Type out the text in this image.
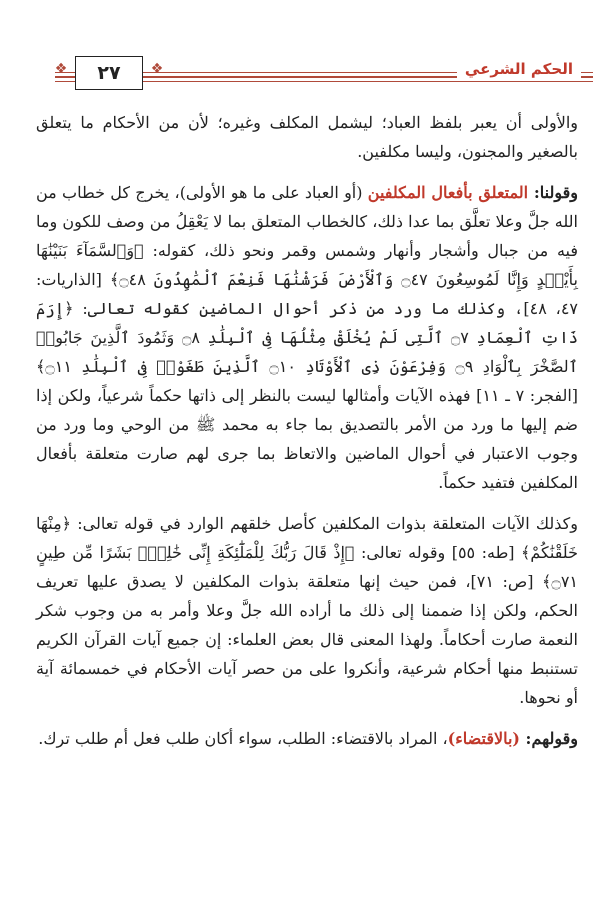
❖	❖
٢٧	الحكم الشرعي

والأولى أن يعبر بلفظ العباد؛ ليشمل المكلف وغيره؛ لأن من الأحكام ما يتعلق بالصغير والمجنون، وليسا مكلفين.

وقولنا: المتعلق بأفعال المكلفين (أو العباد على ما هو الأولى)، يخرج كل خطاب من الله جلَّ وعلا تعلَّق بما عدا ذلك، كالخطاب المتعلق بما لا يَعْقِلُ من وصف للكون وما فيه من جبال وأشجار وأنهار وشمس وقمر ونحو ذلك، كقوله: ﴿وَٱلسَّمَآءَ بَنَيْنَٰهَا بِأَيْي۟دٍ وَإِنَّا لَمُوسِعُونَ ۝٤٧ وَٱلْأَرْضَ فَرَشْنَٰهَا فَنِعْمَ ٱلْمَٰهِدُونَ ۝٤٨﴾ [الذاريات: ٤٧، ٤٨]، وكذلك ما ورد من ذكر أحوال الماضين كقوله تعالى: ﴿إِرَمَ ذَاتِ ٱلْعِمَادِ ۝٧ ٱلَّتِى لَمْ يُخْلَقْ مِثْلُهَا فِى ٱلْبِلَٰدِ ۝٨ وَثَمُودَ ٱلَّذِينَ جَابُوا۟ ٱلصَّخْرَ بِٱلْوَادِ ۝٩ وَفِرْعَوْنَ ذِى ٱلْأَوْتَادِ ۝١٠ ٱلَّذِينَ طَغَوْا۟ فِى ٱلْبِلَٰدِ ۝١١﴾ [الفجر: ٧ ـ ١١] فهذه الآيات وأمثالها ليست بالنظر إلى ذاتها حكماً شرعياً، ولكن إذا ضم إليها ما ورد من الأمر بالتصديق بما جاء به محمد ﷺ من الوحي وما ورد من وجوب الاعتبار في أحوال الماضين والاتعاظ بما جرى لهم صارت متعلقة بأفعال المكلفين فتفيد حكماً.

وكذلك الآيات المتعلقة بذوات المكلفين كأصل خلقهم الوارد في قوله تعالى: ﴿مِنْهَا خَلَقْنَٰكُمْ﴾ [طه: ٥٥] وقوله تعالى: ﴿إِذْ قَالَ رَبُّكَ لِلْمَلَٰٓئِكَةِ إِنِّى خَٰلِقٌۢ بَشَرًا مِّن طِينٍ ۝٧١﴾ [ص: ٧١]، فمن حيث إنها متعلقة بذوات المكلفين لا يصدق عليها تعريف الحكم، ولكن إذا ضممنا إلى ذلك ما أراده الله جلَّ وعلا وأمر به من وجوب شكر النعمة صارت أحكاماً. ولهذا المعنى قال بعض العلماء: إن جميع آيات القرآن الكريم تستنبط منها أحكام شرعية، وأنكروا على من حصر آيات الأحكام في خمسمائة آية أو نحوها.

وقولهم: (بالاقتضاء)، المراد بالاقتضاء: الطلب، سواء أكان طلب فعل أم طلب ترك.
